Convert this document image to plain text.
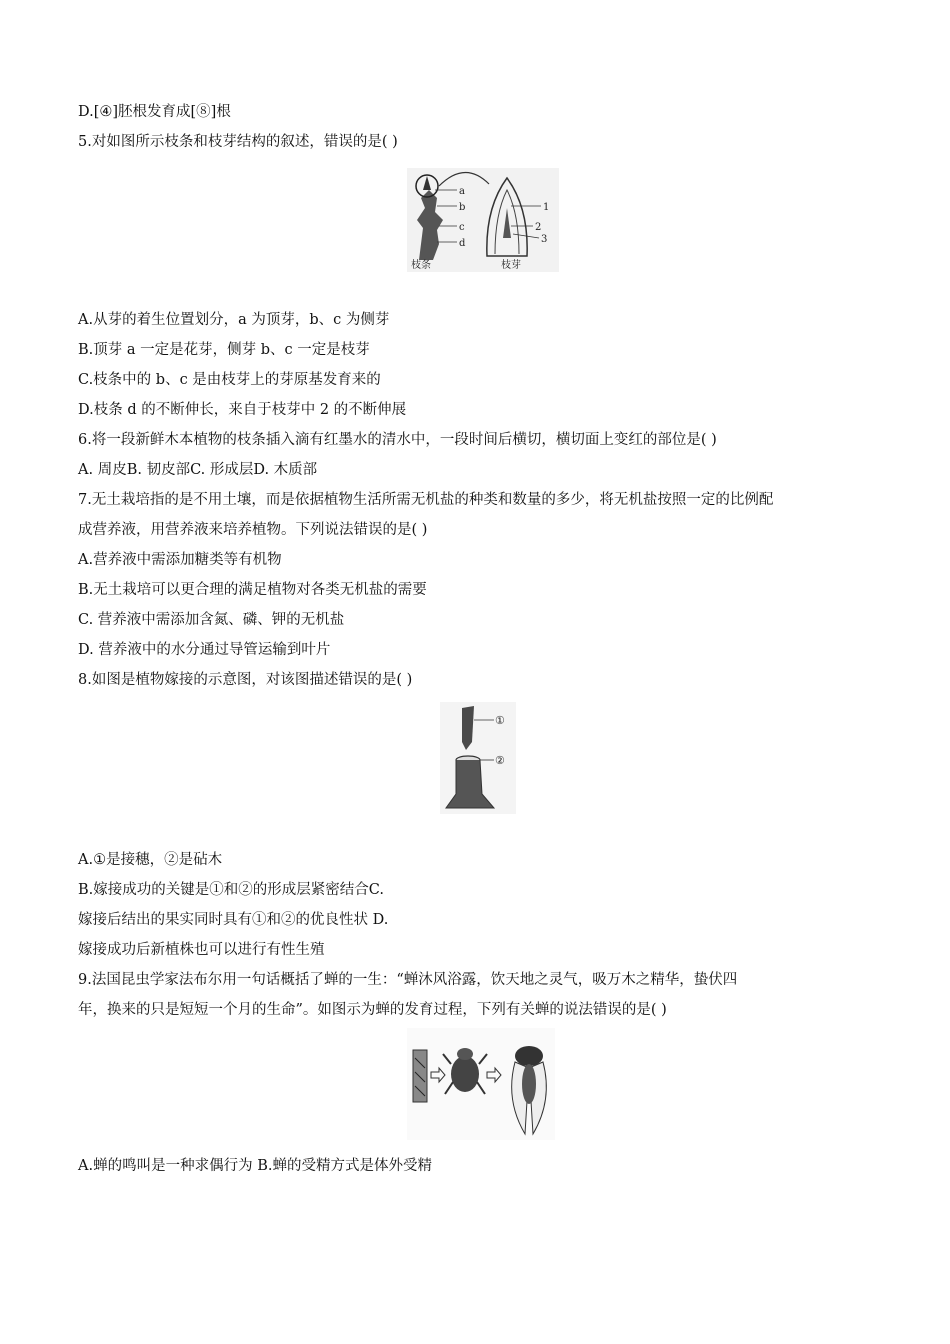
D.[④]胚根发育成[⑧]根
5.对如图所示枝条和枝芽结构的叙述，错误的是( )
a
b
c
d
1
2
3
枝条	枝芽
A.从芽的着生位置划分，a 为顶芽，b、c 为侧芽
B.顶芽 a 一定是花芽，侧芽 b、c 一定是枝芽
C.枝条中的 b、c 是由枝芽上的芽原基发育来的
D.枝条 d 的不断伸长，来自于枝芽中 2 的不断伸展
6.将一段新鲜木本植物的枝条插入滴有红墨水的清水中，一段时间后横切，横切面上变红的部位是( )
A. 周皮B. 韧皮部C. 形成层D. 木质部
7.无土栽培指的是不用土壤，而是依据植物生活所需无机盐的种类和数量的多少，将无机盐按照一定的比例配
成营养液，用营养液来培养植物。下列说法错误的是( )
A.营养液中需添加糖类等有机物
B.无土栽培可以更合理的满足植物对各类无机盐的需要
C. 营养液中需添加含氮、磷、钾的无机盐
D. 营养液中的水分通过导管运输到叶片
8.如图是植物嫁接的示意图，对该图描述错误的是( )
①
②
A.①是接穗，②是砧木
B.嫁接成功的关键是①和②的形成层紧密结合C.
嫁接后结出的果实同时具有①和②的优良性状 D.
嫁接成功后新植株也可以进行有性生殖
9.法国昆虫学家法布尔用一句话概括了蝉的一生：“蝉沐风浴露，饮天地之灵气，吸万木之精华，蛰伏四
年，换来的只是短短一个月的生命”。如图示为蝉的发育过程，下列有关蝉的说法错误的是( )
A.蝉的鸣叫是一种求偶行为 B.蝉的受精方式是体外受精
